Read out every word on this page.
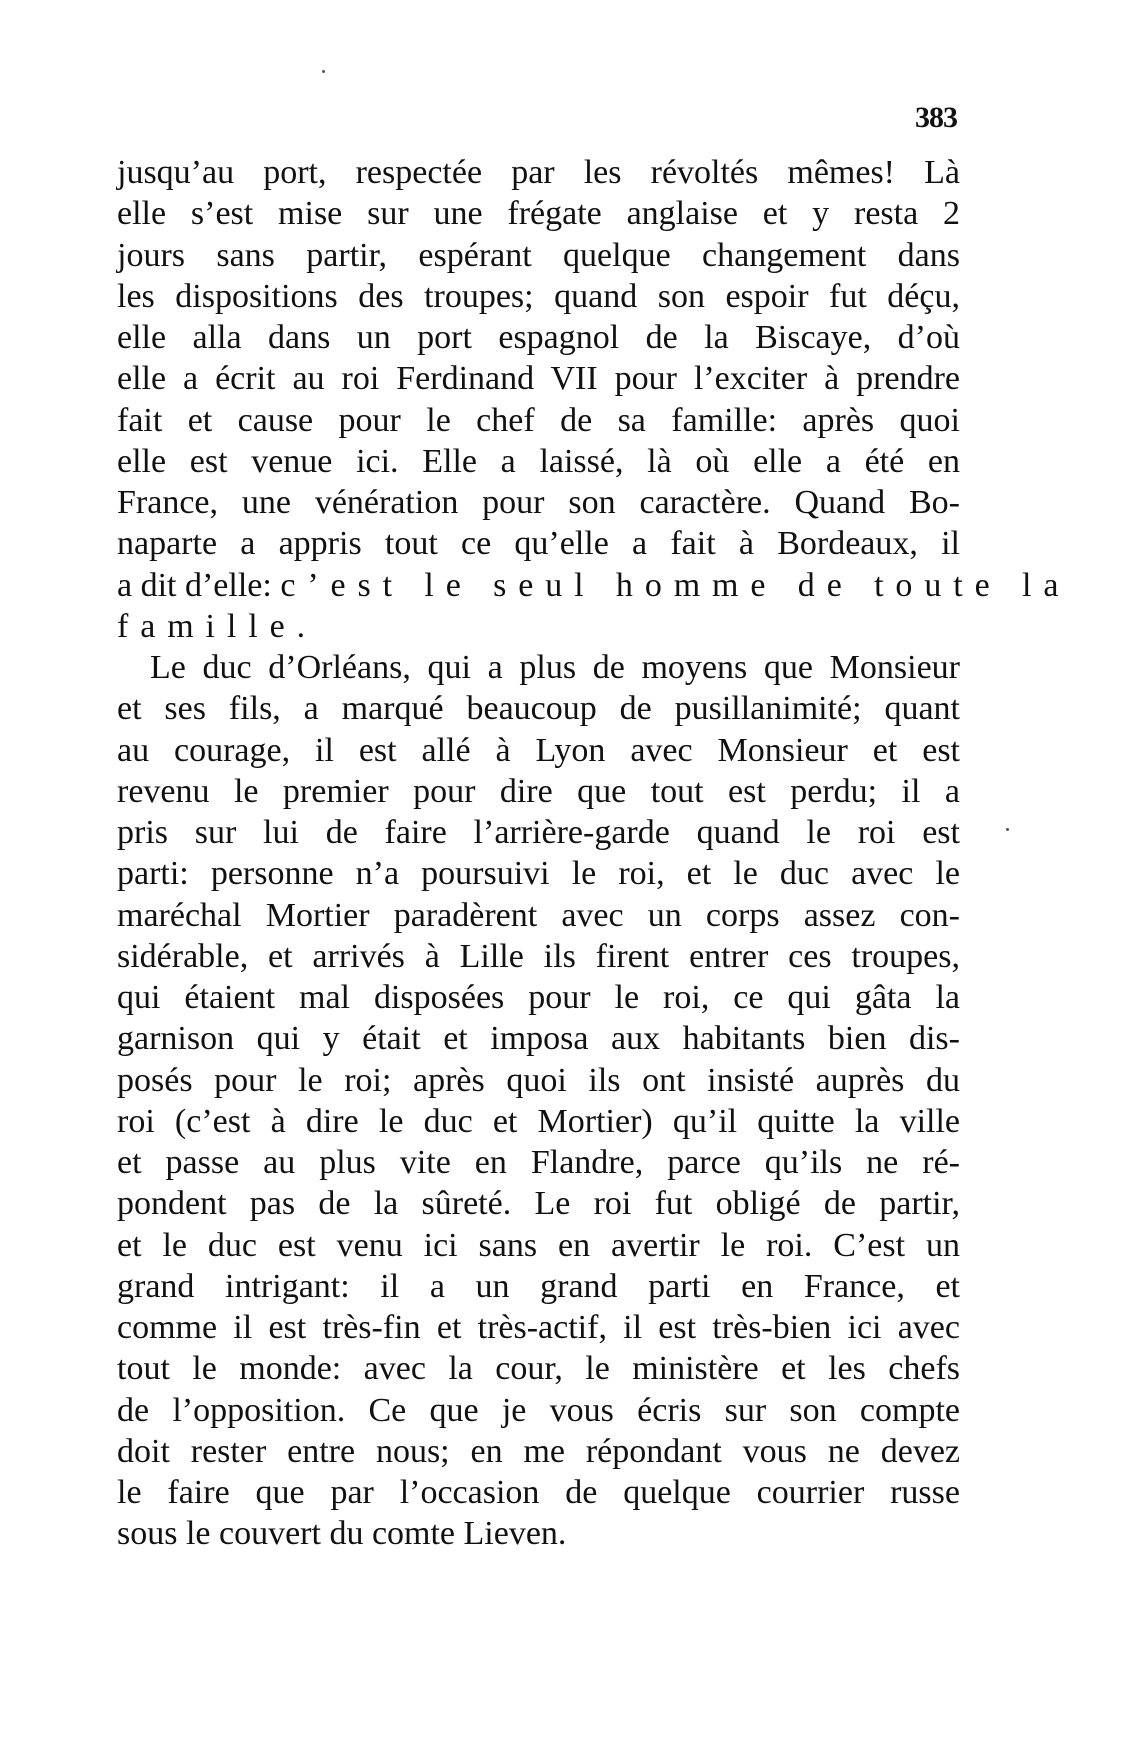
383
jusqu’au port, respectée par les révoltés mêmes! Là
elle s’est mise sur une frégate anglaise et y resta 2
jours sans partir, espérant quelque changement dans
les dispositions des troupes; quand son espoir fut déçu,
elle alla dans un port espagnol de la Biscaye, d’où
elle a écrit au roi Ferdinand VII pour l’exciter à prendre
fait et cause pour le chef de sa famille: après quoi
elle est venue ici. Elle a laissé, là où elle a été en
France, une vénération pour son caractère. Quand Bo-
naparte a appris tout ce qu’elle a fait à Bordeaux, il
a dit d’elle: c’est le seul homme de toute la
famille.
Le duc d’Orléans, qui a plus de moyens que Monsieur
et ses fils, a marqué beaucoup de pusillanimité; quant
au courage, il est allé à Lyon avec Monsieur et est
revenu le premier pour dire que tout est perdu; il a
pris sur lui de faire l’arrière-garde quand le roi est
parti: personne n’a poursuivi le roi, et le duc avec le
maréchal Mortier paradèrent avec un corps assez con-
sidérable, et arrivés à Lille ils firent entrer ces troupes,
qui étaient mal disposées pour le roi, ce qui gâta la
garnison qui y était et imposa aux habitants bien dis-
posés pour le roi; après quoi ils ont insisté auprès du
roi (c’est à dire le duc et Mortier) qu’il quitte la ville
et passe au plus vite en Flandre, parce qu’ils ne ré-
pondent pas de la sûreté. Le roi fut obligé de partir,
et le duc est venu ici sans en avertir le roi. C’est un
grand intrigant: il a un grand parti en France, et
comme il est très-fin et très-actif, il est très-bien ici avec
tout le monde: avec la cour, le ministère et les chefs
de l’opposition. Ce que je vous écris sur son compte
doit rester entre nous; en me répondant vous ne devez
le faire que par l’occasion de quelque courrier russe
sous le couvert du comte Lieven.
